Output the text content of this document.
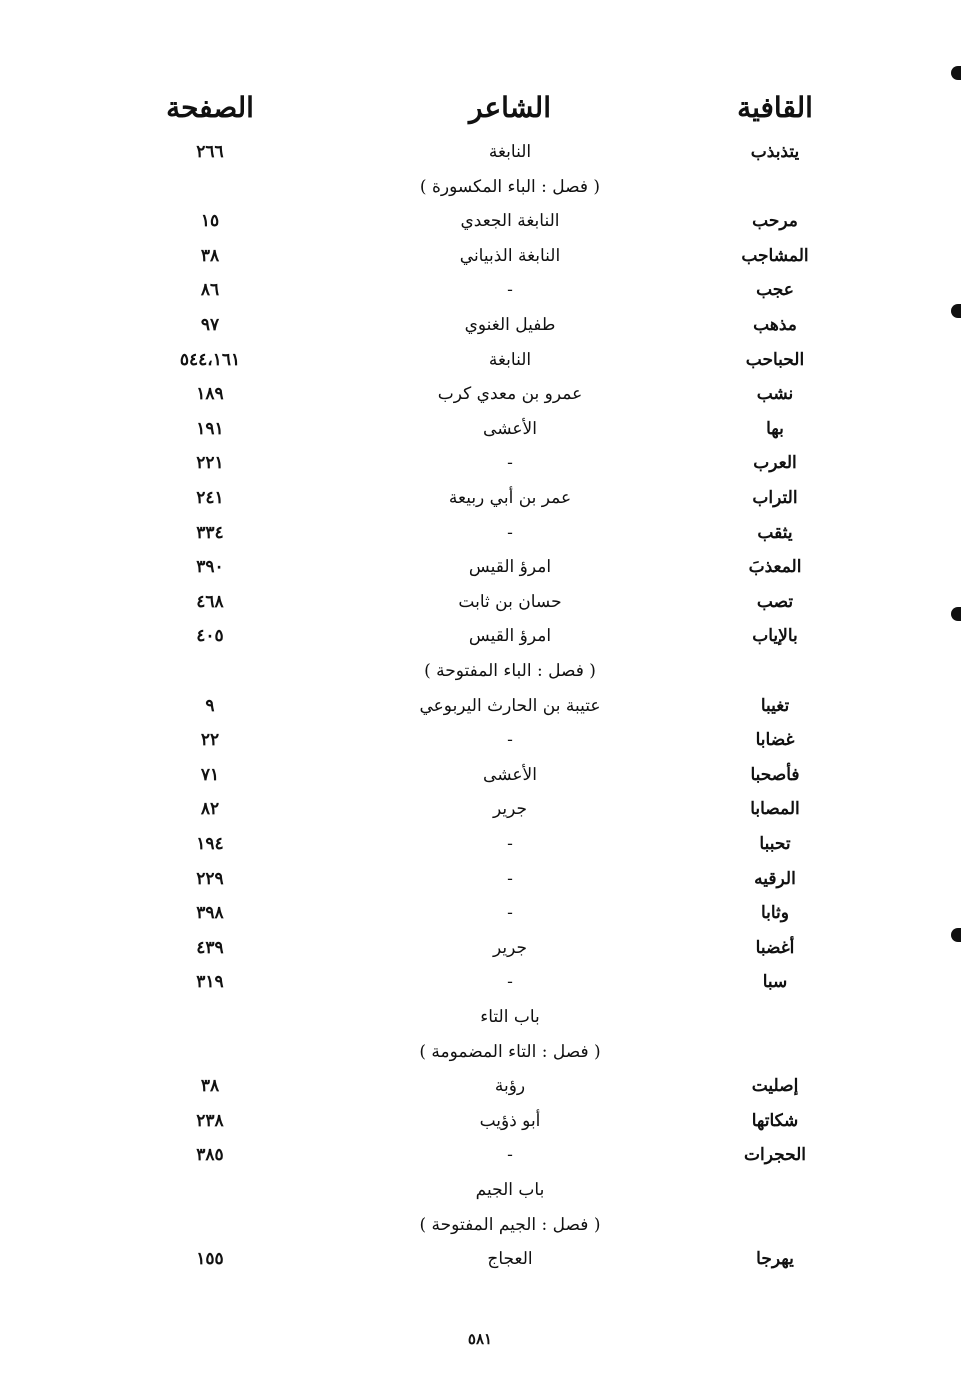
القافية
الشاعر
الصفحة
يتذبذب
النابغة
٢٦٦
( فصل : الباء المكسورة )
مرحب
النابغة الجعدي
١٥
المشاجب
النابغة الذبياني
٣٨
عجب
-
٨٦
مذهب
طفيل الغنوي
٩٧
الحباحب
النابغة
٥٤٤،١٦١
نشب
عمرو بن معدي كرب
١٨٩
بها
الأعشى
١٩١
العرب
-
٢٢١
التراب
عمر بن أبي ربيعة
٢٤١
يثقب
-
٣٣٤
المعذبَ
امرؤ القيس
٣٩٠
تصب
حسان بن ثابت
٤٦٨
بالإياب
امرؤ القيس
٤٠٥
( فصل : الباء المفتوحة )
تغيبا
عتيبة بن الحارث اليربوعي
٩
غضابا
-
٢٢
فأصحبا
الأعشى
٧١
المصابا
جرير
٨٢
تحببا
-
١٩٤
الرقيه
-
٢٢٩
وثابا
-
٣٩٨
أغضبا
جرير
٤٣٩
سبا
-
٣١٩
باب التاء
( فصل : التاء المضمومة )
إصليت
رؤبة
٣٨
شكاتها
أبو ذؤيب
٢٣٨
الحجرات
-
٣٨٥
باب الجيم
( فصل : الجيم المفتوحة )
يهرجا
العجاج
١٥٥
٥٨١
